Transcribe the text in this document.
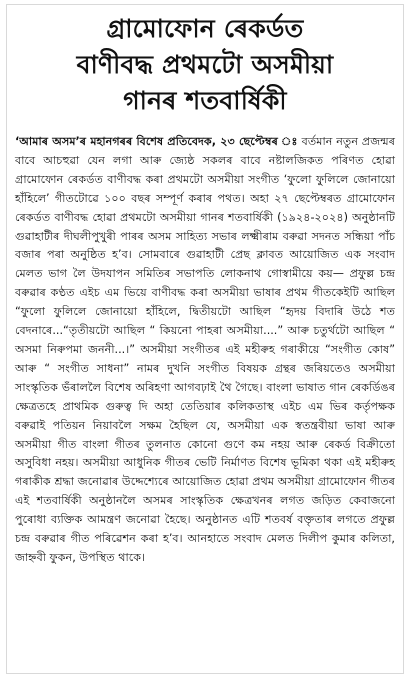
গ্ৰামোফোন ৰেকৰ্ডত
বাণীবদ্ধ প্ৰথমটো অসমীয়া
গানৰ শতবাৰ্ষিকী

‘আমাৰ অসম’ৰ মহানগৰৰ বিশেষ প্ৰতিবেদক, ২৩ ছেপ্টেম্বৰ ঃ বৰ্তমান নতুন প্ৰজন্মৰ বাবে আচহুৱা যেন লগা আৰু জ্যেষ্ঠ সকলৰ বাবে নষ্টালজিকত পৰিণত হোৱা গ্ৰামোফোন ৰেকৰ্ডত বাণীবদ্ধ কৰা প্ৰথমটো অসমীয়া সংগীত ‘ফুলো ফুলিলে জোনায়ো হাঁহিলে’ গীতটোৱে ১০০ বছৰ সম্পূৰ্ণ কৰাৰ পথত। অহা ২৭ ছেপ্টেম্বৰত গ্ৰামোফোন ৰেকৰ্ডত বাণীবদ্ধ হোৱা প্ৰথমটো অসমীয়া গানৰ শতবাৰ্ষিকী (১৯২৪-২০২৪) অনুষ্ঠানটি গুৱাহাটীৰ দীঘলীপুখুৰী পাৰৰ অসম সাহিত্য সভাৰ লক্ষ্মীৰাম বৰুৱা সদনত সন্ধিয়া পাঁচ বজাৰ পৰা অনুষ্ঠিত হ’ব। সোমবাৰে গুৱাহাটী প্ৰেছ ক্লাবত আয়োজিত এক সংবাদ মেলত ভাগ লৈ উদযাপন সমিতিৰ সভাপতি লোকনাথ গোস্বামীয়ে কয়— প্ৰফুল্ল চন্দ্ৰ বৰুৱাৰ কণ্ঠত এইচ এম ভিয়ে বাণীবদ্ধ কৰা অসমীয়া ভাষাৰ প্ৰথম গীতকেইটি আছিল “ফুলো ফুলিলে জোনায়ো হাঁহিলে, দ্বিতীয়টো আছিল “হৃদয় বিদাৰি উঠে শত বেদনাৰে...“তৃতীয়টো আছিল “ কিয়নো পাহৰা অসমীয়া....” আৰু চতুৰ্থটো আছিল “ অসমা নিৰুপমা জননী...।” অসমীয়া সংগীতৰ এই মহীৰুহ গৰাকীয়ে “সংগীত কোষ” আৰু “ সংগীত সাধনা” নামৰ দুখনি সংগীত বিষয়ক গ্ৰন্থৰ জৰিয়তেও অসমীয়া সাংস্কৃতিক ভঁৰাললৈ বিশেষ অৰিহণা আগবঢ়াই থৈ গৈছে। বাংলা ভাষাত গান ৰেকৰ্ডিঙৰ ক্ষেত্ৰতহে প্ৰাথমিক গুৰুত্ব দি অহা তেতিয়াৰ কলিকতাস্থ এইচ এম ভিৰ কৰ্তৃপক্ষক বৰুৱাই পতিয়ন নিয়াবলৈ সক্ষম হৈছিল যে, অসমীয়া এক স্বতন্ত্ৰবীয়া ভাষা আৰু অসমীয়া গীত বাংলা গীতৰ তুলনাত কোনো গুণে কম নহয় আৰু ৰেকৰ্ড বিক্ৰীতো অসুবিধা নহয়। অসমীয়া আধুনিক গীতৰ ভেটি নিৰ্মাণত বিশেষ ভূমিকা থকা এই মহীৰুহ গৰাকীক শ্ৰদ্ধা জনোৱাৰ উদ্দেশ্যেৰে আয়োজিত হোৱা প্ৰথম অসমীয়া গ্ৰামোফোন গীতৰ এই শতবাৰ্ষিকী অনুষ্ঠানলৈ অসমৰ সাংস্কৃতিক ক্ষেত্ৰখনৰ লগত জড়িত কেবাজনো পুৰোধা ব্যক্তিক আমন্ত্ৰণ জনোৱা হৈছে। অনুষ্ঠানত এটি শতবৰ্ষ বক্তৃতাৰ লগতে প্ৰফুল্ল চন্দ্ৰ বৰুৱাৰ গীত পৰিৱেশন কৰা হ’ব। আনহাতে সংবাদ মেলত দিলীপ কুমাৰ কলিতা, জাহ্নবী ফুকন, উপস্থিত থাকে।
